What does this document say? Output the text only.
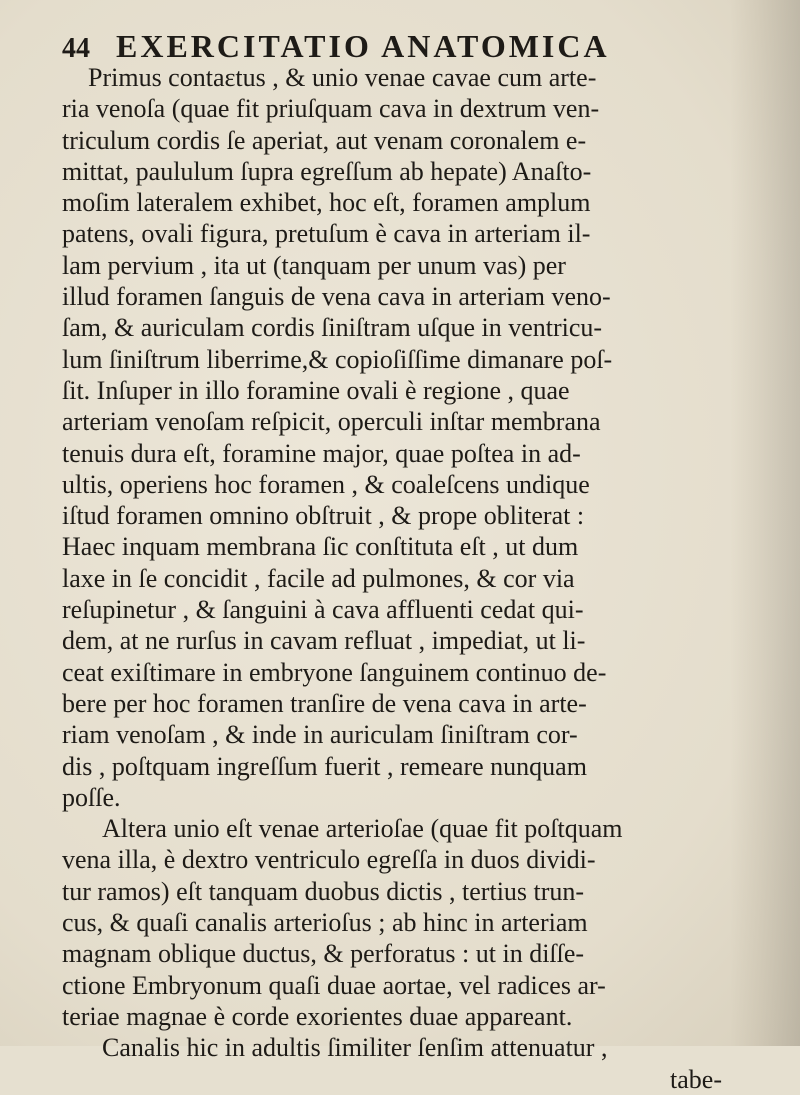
44 EXERCITATIO ANATOMICA
Primus contaɛtus , & unio venae cavae cum arte-
ria venoſa (quae fit priuſquam cava in dextrum ven-
triculum cordis ſe aperiat, aut venam coronalem e-
mittat, paululum ſupra egreſſum ab hepate) Anaſto-
moſim lateralem exhibet, hoc eſt, foramen amplum
patens, ovali figura, pretuſum è cava in arteriam il-
lam pervium , ita ut (tanquam per unum vas) per
illud foramen ſanguis de vena cava in arteriam veno-
ſam, & auriculam cordis ſiniſtram uſque in ventricu-
lum ſiniſtrum liberrime,& copioſiſſime dimanare poſ-
ſit. Inſuper in illo foramine ovali è regione , quae
arteriam venoſam reſpicit, operculi inſtar membrana
tenuis dura eſt, foramine major, quae poſtea in ad-
ultis, operiens hoc foramen , & coaleſcens undique
iſtud foramen omnino obſtruit , & prope obliterat :
Haec inquam membrana ſic conſtituta eſt , ut dum
laxe in ſe concidit , facile ad pulmones, & cor via
reſupinetur , & ſanguini à cava affluenti cedat qui-
dem, at ne rurſus in cavam refluat , impediat, ut li-
ceat exiſtimare in embryone ſanguinem continuo de-
bere per hoc foramen tranſire de vena cava in arte-
riam venoſam , & inde in auriculam ſiniſtram cor-
dis , poſtquam ingreſſum fuerit , remeare nunquam
poſſe.
Altera unio eſt venae arterioſae (quae fit poſtquam
vena illa, è dextro ventriculo egreſſa in duos dividi-
tur ramos) eſt tanquam duobus dictis , tertius trun-
cus, & quaſi canalis arterioſus ; ab hinc in arteriam
magnam oblique ductus, & perforatus : ut in diſſe-
ctione Embryonum quaſi duae aortae, vel radices ar-
teriae magnae è corde exorientes duae appareant.
Canalis hic in adultis ſimiliter ſenſim attenuatur ,
tabe-
